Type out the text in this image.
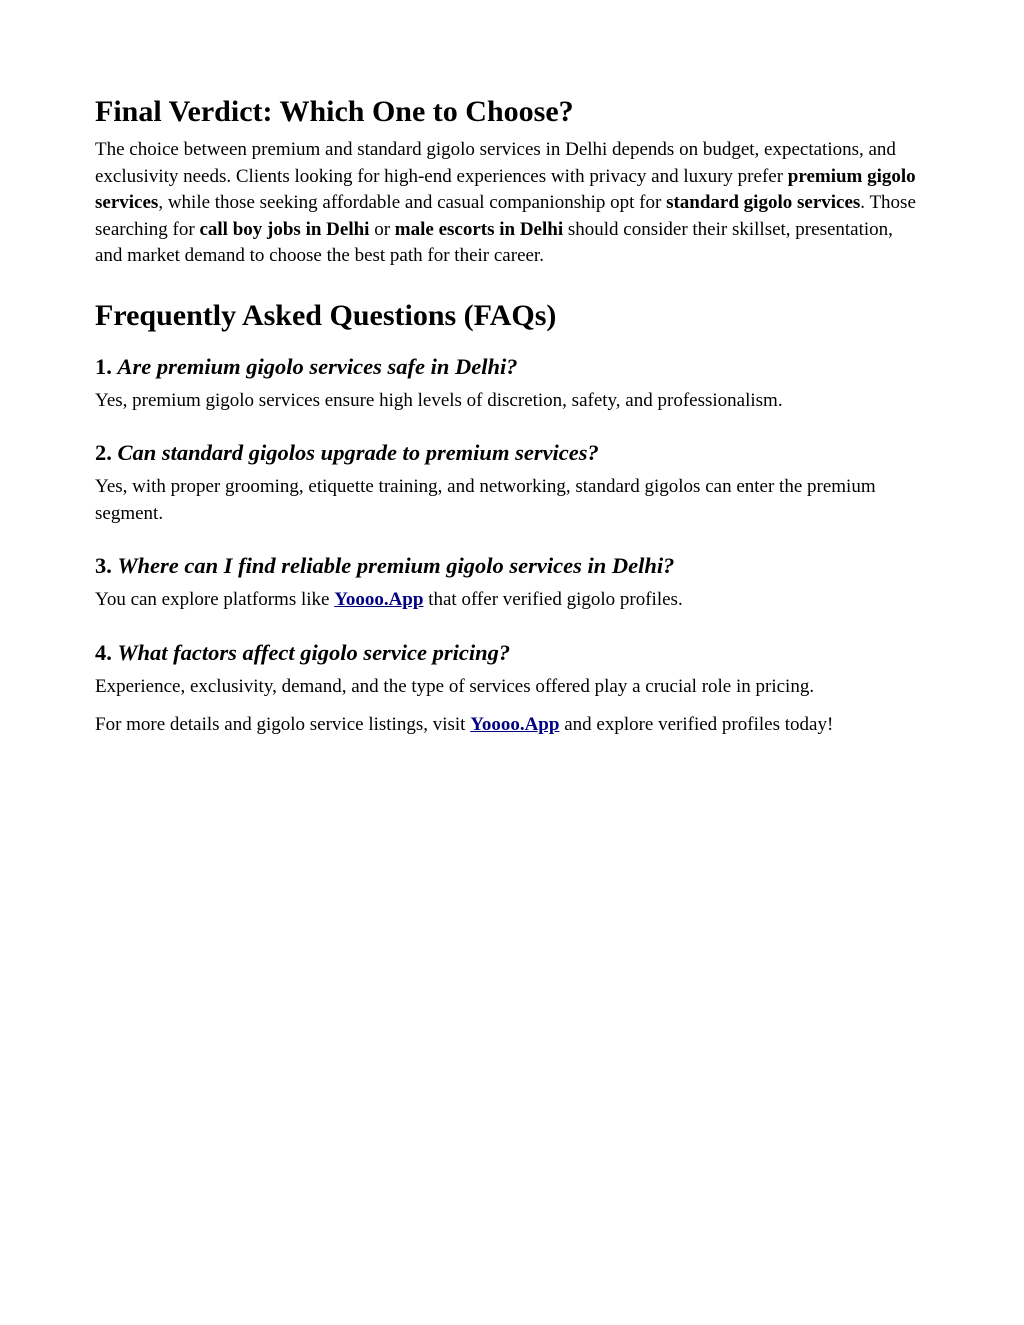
Final Verdict: Which One to Choose?

The choice between premium and standard gigolo services in Delhi depends on budget, expectations, and exclusivity needs. Clients looking for high-end experiences with privacy and luxury prefer premium gigolo services, while those seeking affordable and casual companionship opt for standard gigolo services. Those searching for call boy jobs in Delhi or male escorts in Delhi should consider their skillset, presentation, and market demand to choose the best path for their career.

Frequently Asked Questions (FAQs)
1. Are premium gigolo services safe in Delhi?

Yes, premium gigolo services ensure high levels of discretion, safety, and professionalism.

2. Can standard gigolos upgrade to premium services?

Yes, with proper grooming, etiquette training, and networking, standard gigolos can enter the premium segment.

3. Where can I find reliable premium gigolo services in Delhi?

You can explore platforms like Yoooo.App that offer verified gigolo profiles.

4. What factors affect gigolo service pricing?

Experience, exclusivity, demand, and the type of services offered play a crucial role in pricing.

For more details and gigolo service listings, visit Yoooo.App and explore verified profiles today!
